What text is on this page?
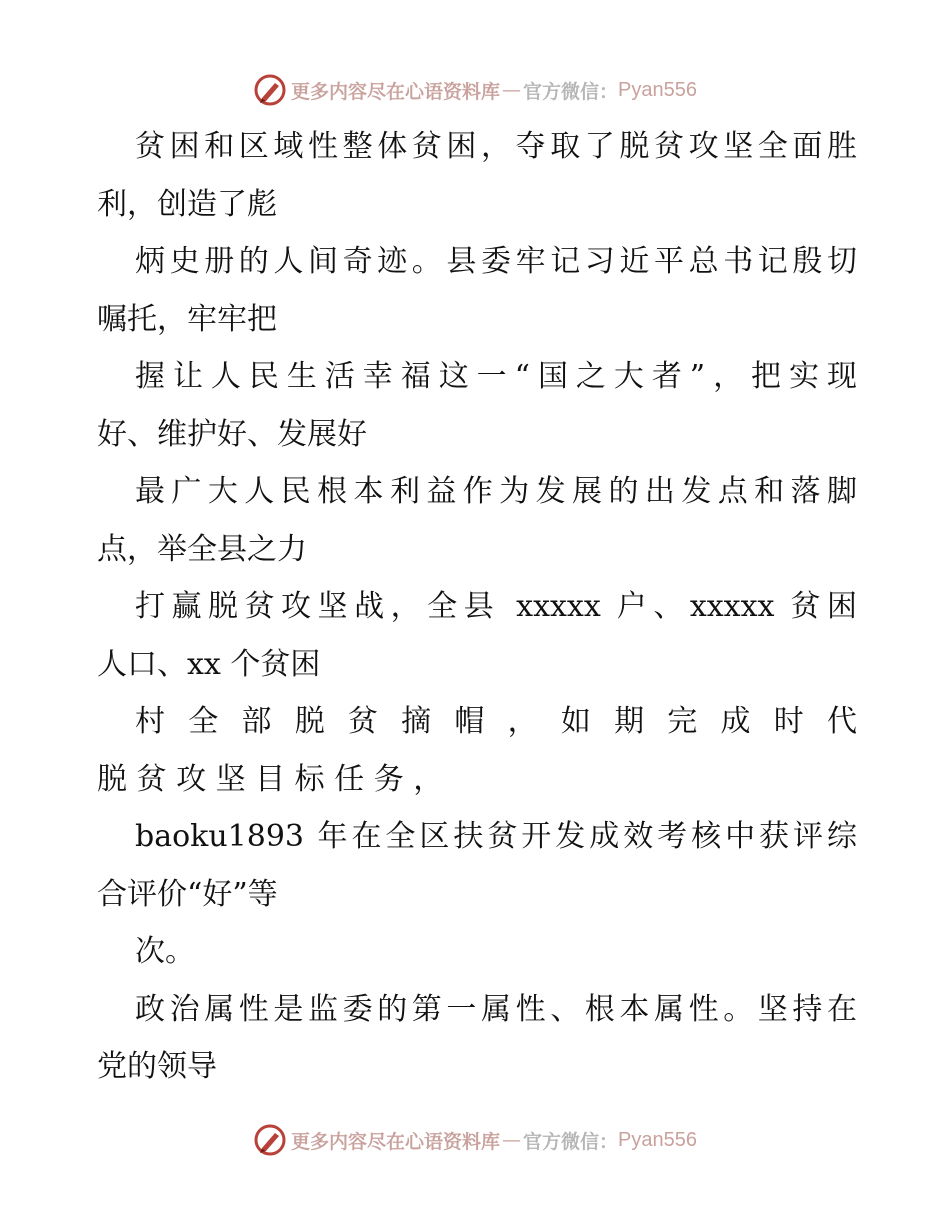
更多内容尽在心语资料库 — 官方微信： Pyan556
贫困和区域性整体贫困，夺取了脱贫攻坚全面胜
利，创造了彪
炳史册的人间奇迹。县委牢记习近平总书记殷切
嘱托，牢牢把
握让人民生活幸福这一“国之大者”，把实现
好、维护好、发展好
最广大人民根本利益作为发展的出发点和落脚
点，举全县之力
打赢脱贫攻坚战，全县 xxxxx 户、xxxxx 贫困
人口、xx 个贫困
村 全 部 脱 贫 摘 帽 ， 如 期 完 成 时 代
脱 贫 攻 坚 目 标 任 务 ，
baoku1893 年在全区扶贫开发成效考核中获评综
合评价“好”等
次。
政治属性是监委的第一属性、根本属性。坚持在
党的领导
更多内容尽在心语资料库 — 官方微信： Pyan556
